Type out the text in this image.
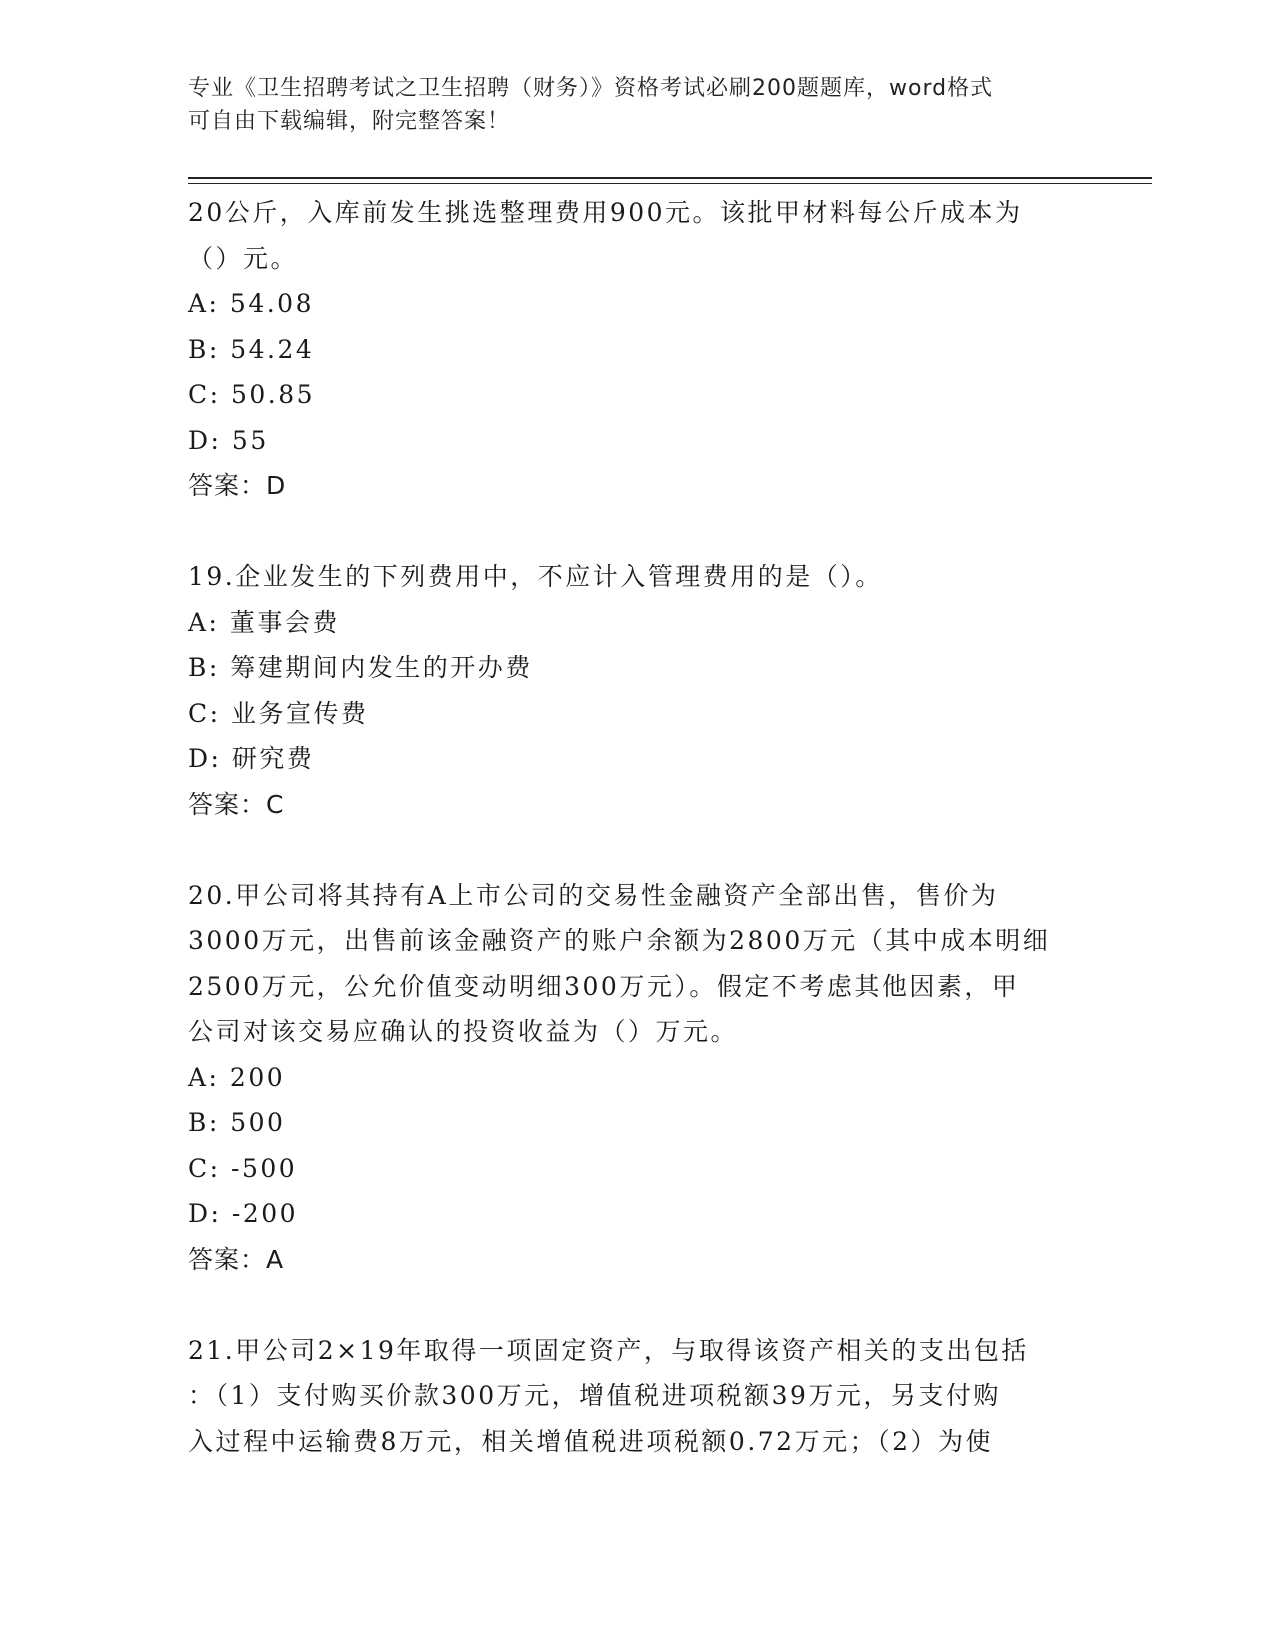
专业《卫生招聘考试之卫生招聘（财务）》资格考试必刷200题题库，word格式
可自由下载编辑，附完整答案！
20公斤，入库前发生挑选整理费用900元。该批甲材料每公斤成本为
（）元。
A: 54.08
B: 54.24
C: 50.85
D: 55
答案：D
19.企业发生的下列费用中，不应计入管理费用的是（）。
A: 董事会费
B: 筹建期间内发生的开办费
C: 业务宣传费
D: 研究费
答案：C
20.甲公司将其持有A上市公司的交易性金融资产全部出售，售价为
3000万元，出售前该金融资产的账户余额为2800万元（其中成本明细
2500万元，公允价值变动明细300万元）。假定不考虑其他因素，甲
公司对该交易应确认的投资收益为（）万元。
A: 200
B: 500
C: -500
D: -200
答案：A
21.甲公司2×19年取得一项固定资产，与取得该资产相关的支出包括
：（1）支付购买价款300万元，增值税进项税额39万元，另支付购
入过程中运输费8万元，相关增值税进项税额0.72万元；（2）为使
